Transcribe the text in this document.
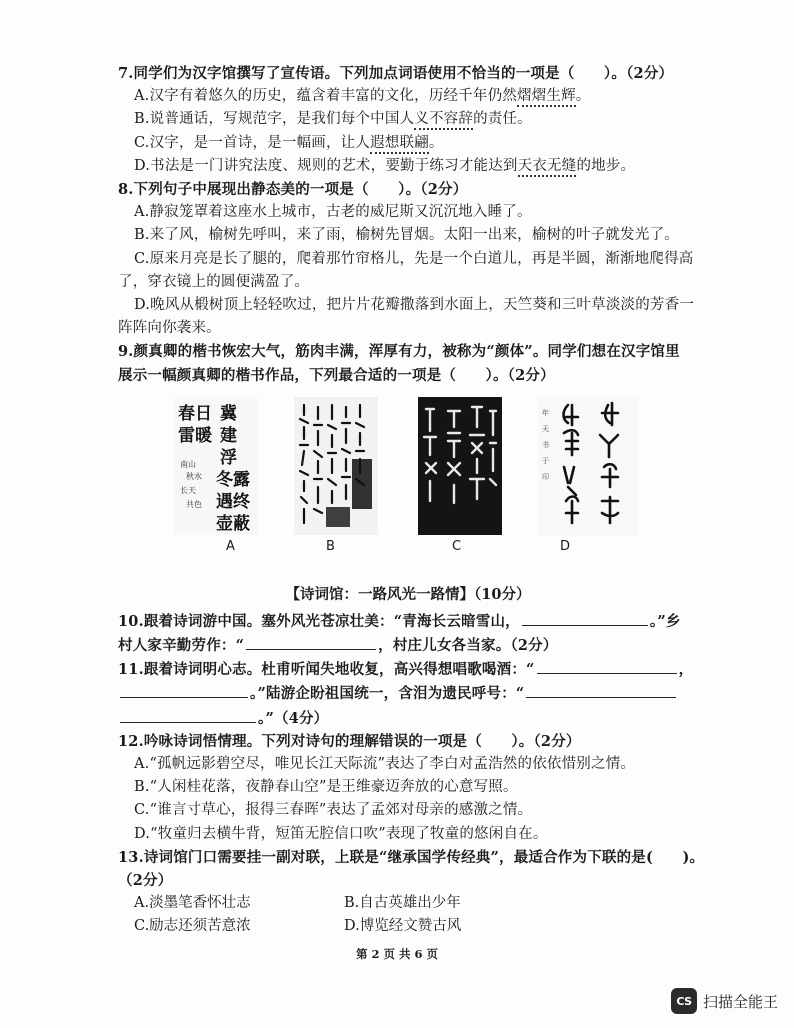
7.同学们为汉字馆撰写了宣传语。下列加点词语使用不恰当的一项是（　　）。（2分）
A.汉字有着悠久的历史，蕴含着丰富的文化，历经千年仍然熠熠生辉。
B.说普通话，写规范字，是我们每个中国人义不容辞的责任。
C.汉字，是一首诗，是一幅画，让人遐想联翩。
D.书法是一门讲究法度、规则的艺术，要勤于练习才能达到天衣无缝的地步。
8.下列句子中展现出静态美的一项是（　　）。（2分）
A.静寂笼罩着这座水上城市，古老的威尼斯又沉沉地入睡了。
B.来了风，榆树先呼叫，来了雨，榆树先冒烟。太阳一出来，榆树的叶子就发光了。
C.原来月亮是长了腿的，爬着那竹帘格儿，先是一个白道儿，再是半圆，渐渐地爬得高
了，穿衣镜上的圆便满盈了。
D.晚风从椴树顶上轻轻吹过，把片片花瓣撒落到水面上，天竺葵和三叶草淡淡的芳香一
阵阵向你袭来。
9.颜真卿的楷书恢宏大气，筋肉丰满，浑厚有力，被称为“颜体”。同学们想在汉字馆里
展示一幅颜真卿的楷书作品，下列最合适的一项是（　　）。（2分）
春日
雷暖
冀
建
浮
冬露
遇终
壶蔽
南山
秋水
长天
共色
年
天
书
于
印
A	B	C	D
【诗词馆：一路风光一路情】（10分）
10.跟着诗词游中国。塞外风光苍凉壮美：“青海长云暗雪山，	。”乡
村人家辛勤劳作：“	，村庄儿女各当家。（2分）
11.跟着诗词明心志。杜甫听闻失地收复，高兴得想唱歌喝酒：“	，
。”陆游企盼祖国统一，含泪为遗民呼号：“
。”（4分）
12.吟咏诗词悟情理。下列对诗句的理解错误的一项是（　　）。（2分）
A.“孤帆远影碧空尽，唯见长江天际流”表达了李白对孟浩然的依依惜别之情。
B.“人闲桂花落，夜静春山空”是王维豪迈奔放的心意写照。
C.“谁言寸草心，报得三春晖”表达了孟郊对母亲的感激之情。
D.“牧童归去横牛背，短笛无腔信口吹”表现了牧童的悠闲自在。
13.诗词馆门口需要挂一副对联，上联是“继承国学传经典”，最适合作为下联的是(　　)。
（2分）
A.淡墨笔香怀壮志	B.自古英雄出少年
C.励志还须苦意浓	D.博览经文赞古风
第 2 页 共 6 页
CS 扫描全能王
